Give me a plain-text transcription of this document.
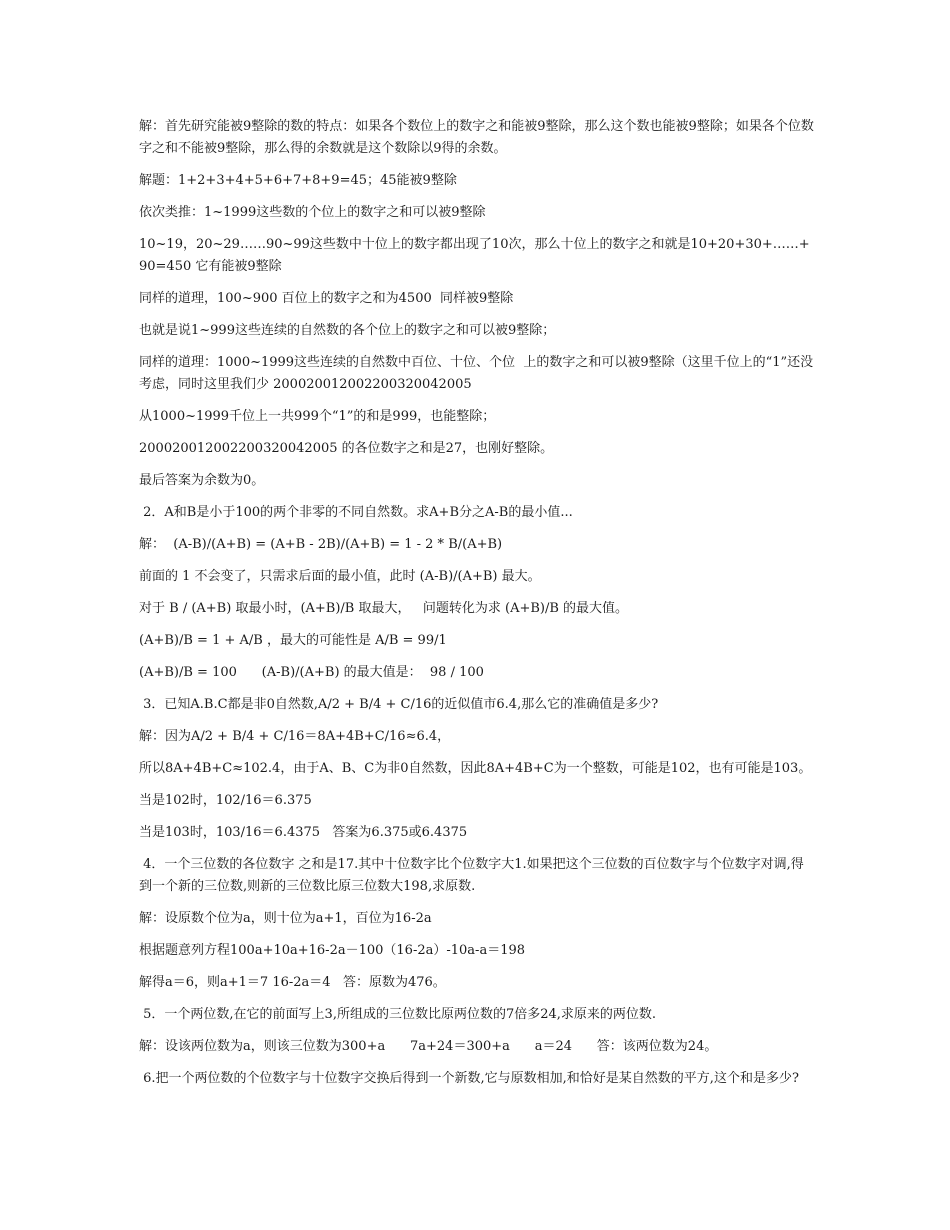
解：首先研究能被9整除的数的特点：如果各个数位上的数字之和能被9整除，那么这个数也能被9整除；如果各个位数字之和不能被9整除，那么得的余数就是这个数除以9得的余数。

解题：1+2+3+4+5+6+7+8+9=45；45能被9整除

依次类推：1~1999这些数的个位上的数字之和可以被9整除

10~19，20~29……90~99这些数中十位上的数字都出现了10次，那么十位上的数字之和就是10+20+30+……+90=450 它有能被9整除

同样的道理，100~900 百位上的数字之和为4500  同样被9整除

也就是说1~999这些连续的自然数的各个位上的数字之和可以被9整除；

同样的道理：1000~1999这些连续的自然数中百位、十位、个位  上的数字之和可以被9整除（这里千位上的“1”还没考虑，同时这里我们少 20002001200220032004200​5

从1000~1999千位上一共999个“1”的和是999，也能整除；

200020012002200320042005 的各位数字之和是27，也刚好整除。

最后答案为余数为0。

2．A和B是小于100的两个非零的不同自然数。求A+B分之A-B的最小值...

解：  (A-B)/(A+B) = (A+B - 2B)/(A+B) = 1 - 2 * B/(A+B)

前面的 1 不会变了，只需求后面的最小值，此时 (A-B)/(A+B) 最大。

对于 B / (A+B) 取最小时，(A+B)/B 取最大，   问题转化为求 (A+B)/B 的最大值。

(A+B)/B = 1 + A/B ，最大的可能性是 A/B = 99/1

(A+B)/B = 100      (A-B)/(A+B) 的最大值是：  98 / 100

3．已知A.B.C都是非0自然数,A/2 + B/4 + C/16的近似值市6.4,那么它的准确值是多少?

解：因为A/2 + B/4 + C/16＝8A+4B+C/16≈6.4，

所以8A+4B+C≈102.4，由于A、B、C为非0自然数，因此8A+4B+C为一个整数，可能是102，也有可能是103。

当是102时，102/16＝6.375

当是103时，103/16＝6.4375   答案为6.375或6.4375

4．一个三位数的各位数字 之和是17.其中十位数字比个位数字大1.如果把这个三位数的百位数字与个位数字对调,得到一个新的三位数,则新的三位数比原三位数大198,求原数.

解：设原数个位为a，则十位为a+1，百位为16-2a

根据题意列方程100a+10a+16-2a－100（16-2a）-10a-a＝198

解得a＝6，则a+1＝7 16-2a＝4   答：原数为476。

5．一个两位数,在它的前面写上3,所组成的三位数比原两位数的7倍多24,求原来的两位数.

解：设该两位数为a，则该三位数为300+a      7a+24＝300+a      a＝24      答：该两位数为24。

6.把一个两位数的个位数字与十位数字交换后得到一个新数,它与原数相加,和恰好是某自然数的平方,这个和是多少?
